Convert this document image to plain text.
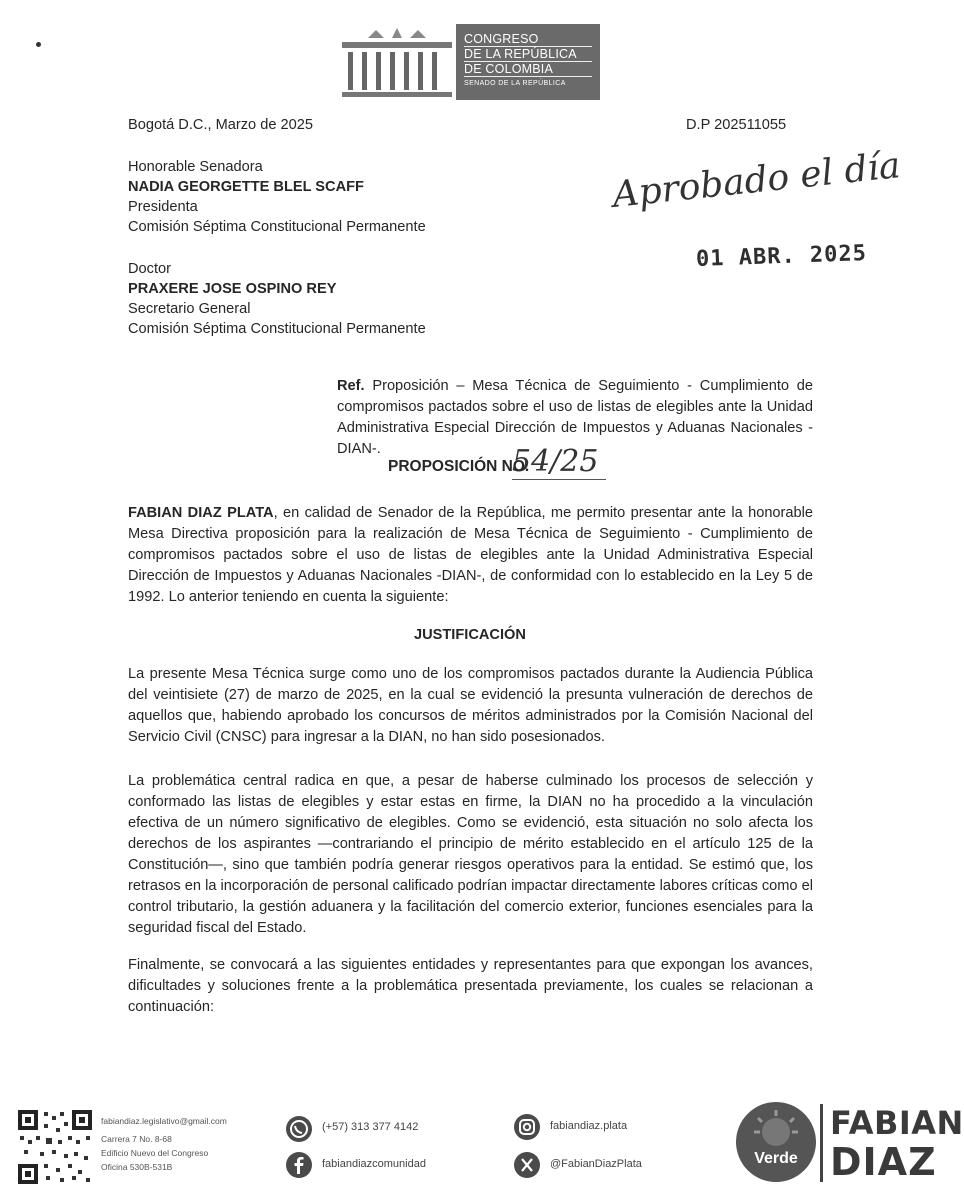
CONGRESO
DE LA REPÚBLICA
DE COLOMBIA
SENADO DE LA REPÚBLICA
Bogotá D.C., Marzo de 2025	D.P 202511055
Honorable Senadora
NADIA GEORGETTE BLEL SCAFF
Presidenta
Comisión Séptima Constitucional Permanente
Doctor
PRAXERE JOSE OSPINO REY
Secretario General
Comisión Séptima Constitucional Permanente
Aprobado el día
01 ABR. 2025
Ref. Proposición – Mesa Técnica de Seguimiento - Cumplimiento de compromisos pactados sobre el uso de listas de elegibles ante la Unidad Administrativa Especial Dirección de Impuestos y Aduanas Nacionales -DIAN-.
PROPOSICIÓN NO.
54/25
FABIAN DIAZ PLATA, en calidad de Senador de la República, me permito presentar ante la honorable Mesa Directiva proposición para la realización de Mesa Técnica de Seguimiento - Cumplimiento de compromisos pactados sobre el uso de listas de elegibles ante la Unidad Administrativa Especial Dirección de Impuestos y Aduanas Nacionales -DIAN-, de conformidad con lo establecido en la Ley 5 de 1992. Lo anterior teniendo en cuenta la siguiente:
JUSTIFICACIÓN
La presente Mesa Técnica surge como uno de los compromisos pactados durante la Audiencia Pública del veintisiete (27) de marzo de 2025, en la cual se evidenció la presunta vulneración de derechos de aquellos que, habiendo aprobado los concursos de méritos administrados por la Comisión Nacional del Servicio Civil (CNSC) para ingresar a la DIAN, no han sido posesionados.
La problemática central radica en que, a pesar de haberse culminado los procesos de selección y conformado las listas de elegibles y estar estas en firme, la DIAN no ha procedido a la vinculación efectiva de un número significativo de elegibles. Como se evidenció, esta situación no solo afecta los derechos de los aspirantes —contrariando el principio de mérito establecido en el artículo 125 de la Constitución—, sino que también podría generar riesgos operativos para la entidad. Se estimó que, los retrasos en la incorporación de personal calificado podrían impactar directamente labores críticas como el control tributario, la gestión aduanera y la facilitación del comercio exterior, funciones esenciales para la seguridad fiscal del Estado.
Finalmente, se convocará a las siguientes entidades y representantes para que expongan los avances, dificultades y soluciones frente a la problemática presentada previamente, los cuales se relacionan a continuación:
fabiandiaz.legislativo@gmail.com
Carrera 7 No. 8-68
Edificio Nuevo del Congreso
Oficina 530B-531B
(+57) 313 377 4142
fabiandiazcomunidad
fabiandiaz.plata
@FabianDiazPlata	Verde
FABIAN
DIAZ
